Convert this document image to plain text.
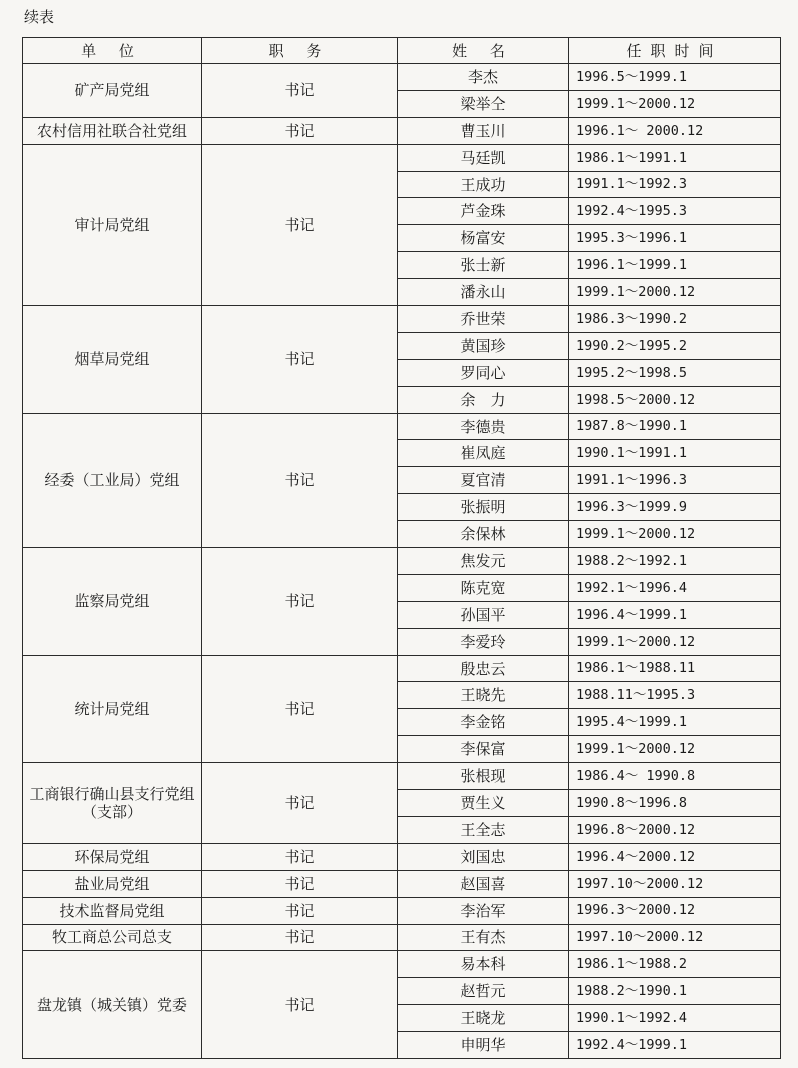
续表
单 位	职 务	姓 名	任职时间
矿产局党组	书记	李杰	1996.5～1999.1
		梁举仝	1999.1～2000.12
农村信用社联合社党组	书记	曹玉川	1996.1～ 2000.12
审计局党组	书记	马廷凯	1986.1～1991.1
		王成功	1991.1～1992.3
		芦金珠	1992.4～1995.3
		杨富安	1995.3～1996.1
		张士新	1996.1～1999.1
		潘永山	1999.1～2000.12
烟草局党组	书记	乔世荣	1986.3～1990.2
		黄国珍	1990.2～1995.2
		罗同心	1995.2～1998.5
		余　力	1998.5～2000.12
经委（工业局）党组	书记	李德贵	1987.8～1990.1
		崔凤庭	1990.1～1991.1
		夏官清	1991.1～1996.3
		张振明	1996.3～1999.9
		余保林	1999.1～2000.12
监察局党组	书记	焦发元	1988.2～1992.1
		陈克宽	1992.1～1996.4
		孙国平	1996.4～1999.1
		李爱玲	1999.1～2000.12
统计局党组	书记	殷忠云	1986.1～1988.11
		王晓先	1988.11～1995.3
		李金铭	1995.4～1999.1
		李保富	1999.1～2000.12
工商银行确山县支行党组（支部）	书记	张根现	1986.4～ 1990.8
		贾生义	1990.8～1996.8
		王全志	1996.8～2000.12
环保局党组	书记	刘国忠	1996.4～2000.12
盐业局党组	书记	赵国喜	1997.10～2000.12
技术监督局党组	书记	李治军	1996.3～2000.12
牧工商总公司总支	书记	王有杰	1997.10～2000.12
盘龙镇（城关镇）党委	书记	易本科	1986.1～1988.2
		赵哲元	1988.2～1990.1
		王晓龙	1990.1～1992.4
		申明华	1992.4～1999.1
